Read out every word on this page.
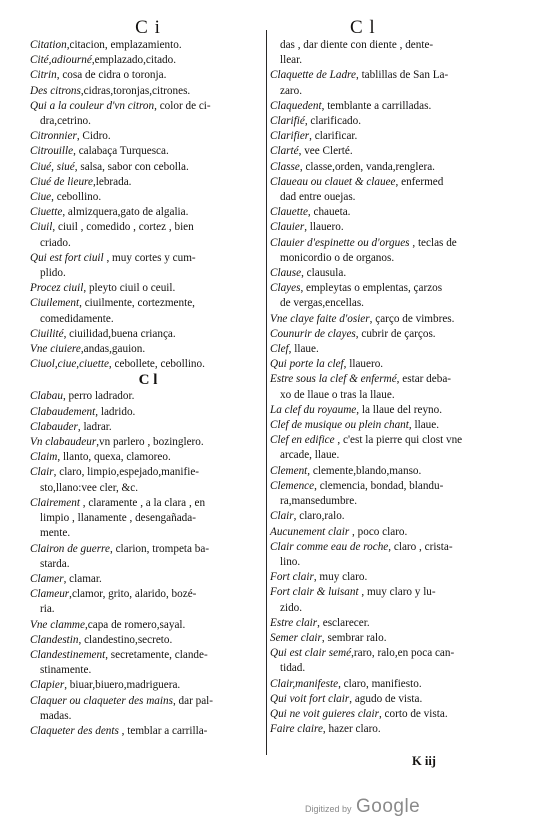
C i
Citation,citacion, emplazamiento.
Cité,adiourné,emplazado,citado.
Citrin, cosa de cidra o toronja.
Des citrons,cidras,toronjas,citrones.
Qui a la couleur d'vn citron, color de ci-
dra,cetrino.
Citronnier, Cidro.
Citrouille, calabaça Turquesca.
Ciué, siué, salsa, sabor con cebolla.
Ciué de lieure,lebrada.
Ciue, cebollino.
Ciuette, almizquera,gato de algalia.
Ciuil, ciuil , comedido , cortez , bien
criado.
Qui est fort ciuil , muy cortes y cum-
plido.
Procez ciuil, pleyto ciuil o ceuil.
Ciuilement, ciuilmente, cortezmente,
comedidamente.
Ciuilité, ciuilidad,buena criança.
Vne ciuiere,andas,gauion.
Ciuol,ciue,ciuette, cebollete, cebollino.
C l
Clabau, perro ladrador.
Clabaudement, ladrido.
Clabauder, ladrar.
Vn clabaudeur,vn parlero , bozinglero.
Claim, llanto, quexa, clamoreo.
Clair, claro, limpio,espejado,manifie-
sto,llano:vee cler, &c.
Clairement , claramente , a la clara , en
limpio , llanamente , desengañada-
mente.
Clairon de guerre, clarion, trompeta ba-
starda.
Clamer, clamar.
Clameur,clamor, grito, alarido, bozé-
ria.
Vne clamme,capa de romero,sayal.
Clandestin, clandestino,secreto.
Clandestinement, secretamente, clande-
stinamente.
Clapier, biuar,biuero,madriguera.
Claquer ou claqueter des mains, dar pal-
madas.
Claqueter des dents , temblar a carrilla-
C l
das , dar diente con diente , dente-
llear.
Claquette de Ladre, tablillas de San La-
zaro.
Claquedent, temblante a carrilladas.
Clarifié, clarificado.
Clarifier, clarificar.
Clarté, vee Clerté.
Classe, classe,orden, vanda,renglera.
Claueau ou clauet & clauee, enfermed
dad entre ouejas.
Clauette, chaueta.
Clauier, llauero.
Clauier d'espinette ou d'orgues , teclas de
monicordio o de organos.
Clause, clausula.
Clayes, empleytas o emplentas, çarzos
de vergas,encellas.
Vne claye faite d'osier, çarço de vimbres.
Counurir de clayes, cubrir de çarços.
Clef, llaue.
Qui porte la clef, llauero.
Estre sous la clef & enfermé, estar deba-
xo de llaue o tras la llaue.
La clef du royaume, la llaue del reyno.
Clef de musique ou plein chant, llaue.
Clef en edifice , c'est la pierre qui clost vne
arcade, llaue.
Clement, clemente,blando,manso.
Clemence, clemencia, bondad, blandu-
ra,mansedumbre.
Clair, claro,ralo.
Aucunement clair , poco claro.
Clair comme eau de roche, claro , crista-
lino.
Fort clair, muy claro.
Fort clair & luisant , muy claro y lu-
zido.
Estre clair, esclarecer.
Semer clair, sembrar ralo.
Qui est clair semé,raro, ralo,en poca can-
tidad.
Clair,manifeste, claro, manifiesto.
Qui voit fort clair, agudo de vista.
Qui ne voit guieres clair, corto de vista.
Faire claire, hazer claro.
K iij
Digitized by Google
